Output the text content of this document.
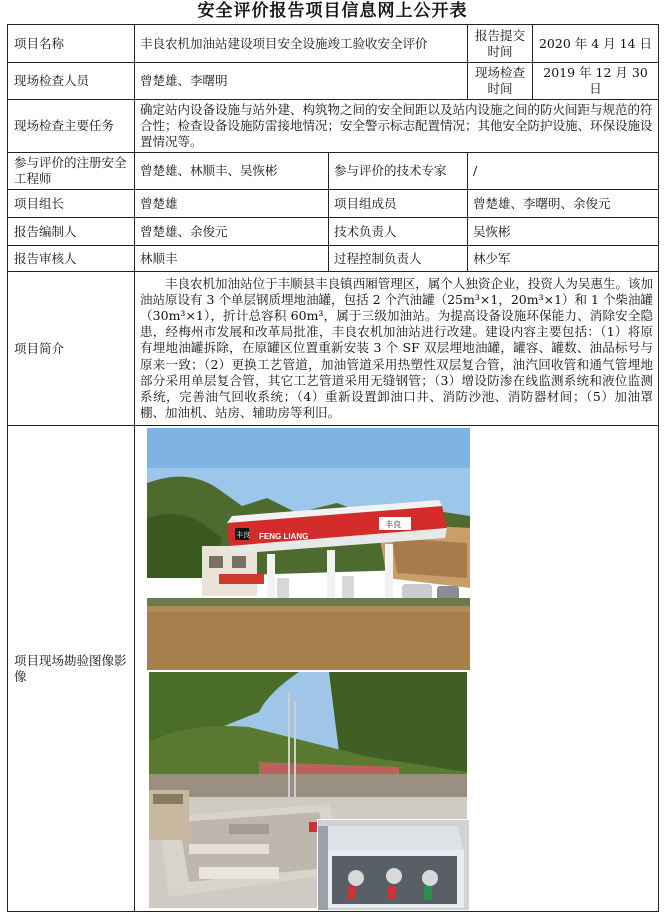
安全评价报告项目信息网上公开表
项目名称	丰良农机加油站建设项目安全设施竣工验收安全评价		报告提交时间	2020 年 4 月 14 日
现场检查人员	曾楚雄、李曙明		现场检查时间	2019 年 12 月 30 日
现场检查主要任务	确定站内设备设施与站外建、构筑物之间的安全间距以及站内设施之间的防火间距与规范的符合性；检查设备设施防雷接地情况；安全警示标志配置情况；其他安全防护设施、环保设施设置情况等。			
参与评价的注册安全工程师	曾楚雄、林顺丰、吴恢彬	参与评价的技术专家	/	
项目组长	曾楚雄	项目组成员	曾楚雄、李曙明、余俊元	
报告编制人	曾楚雄、余俊元	技术负责人	吴恢彬	
报告审核人	林顺丰	过程控制负责人	林少军	
项目简介	丰良农机加油站位于丰顺县丰良镇西厢管理区，属个人独资企业，投资人为吴惠生。该加油站原设有 3 个单层钢质埋地油罐，包括 2 个汽油罐（25m³×1，20m³×1）和 1 个柴油罐（30m³×1），折计总容积 60m³，属于三级加油站。为提高设备设施环保能力、消除安全隐患，经梅州市发展和改革局批准，丰良农机加油站进行改建。建设内容主要包括：（1）将原有埋地油罐拆除，在原罐区位置重新安装 3 个 SF 双层埋地油罐，罐容、罐数、油品标号与原来一致；（2）更换工艺管道，加油管道采用热塑性双层复合管，油汽回收管和通气管埋地部分采用单层复合管，其它工艺管道采用无缝钢管；（3）增设防渗在线监测系统和液位监测系统，完善油气回收系统；（4）重新设置卸油口井、消防沙池、消防器材间；（5）加油罩棚、加油机、站房、辅助房等利旧。			
项目现场勘验图像影像	FENG LIANG
丰良
丰良			
